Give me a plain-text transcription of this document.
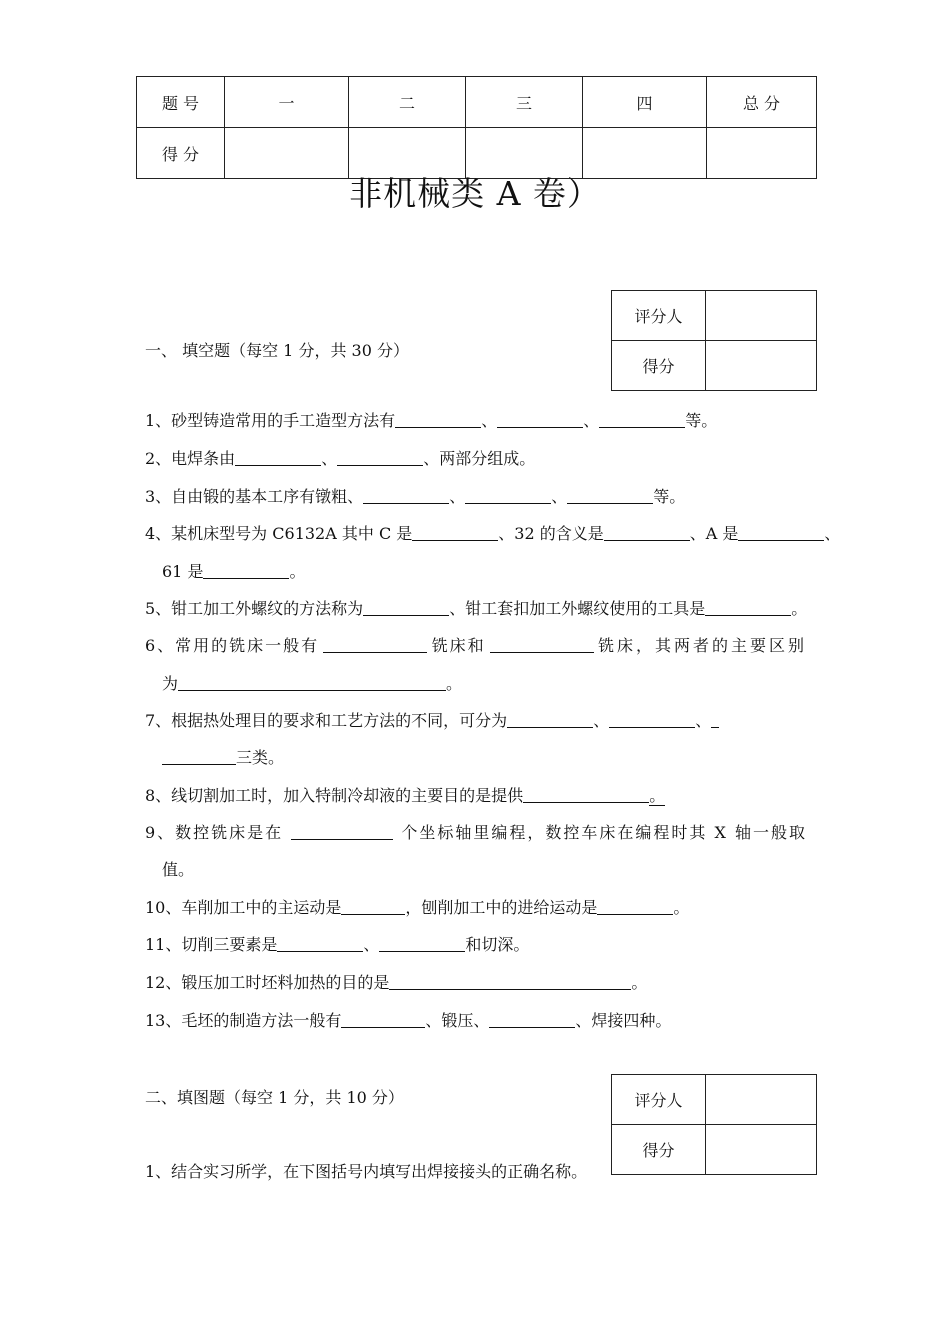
题 号	一	二	三	四	总 分
得 分					
非机械类 A 卷）
评分人	
得分	
一、 填空题（每空 1 分，共 30 分）
1、砂型铸造常用的手工造型方法有	、	、	等。
2、电焊条由	、	、两部分组成。
3、自由锻的基本工序有镦粗、	、	、	等。
4、某机床型号为 C6132A 其中 C 是	、32 的含义是	、A 是	、
61 是	。
5、钳工加工外螺纹的方法称为	、钳工套扣加工外螺纹使用的工具是	。
6、常用的铣床一般有	铣床和	铣床，其两者的主要区别
为	。
7、根据热处理目的要求和工艺方法的不同，可分为	、	、
三类。
8、线切割加工时，加入特制冷却液的主要目的是提供	。
9、数控铣床是在	个坐标轴里编程，数控车床在编程时其 X 轴一般取
值。
10、车削加工中的主运动是	，刨削加工中的进给运动是	。
11、切削三要素是	、	和切深。
12、锻压加工时坯料加热的目的是	。
13、毛坯的制造方法一般有	、锻压、	、焊接四种。
评分人	
得分	
二、填图题（每空 1 分，共 10 分）
1、结合实习所学，在下图括号内填写出焊接接头的正确名称。
